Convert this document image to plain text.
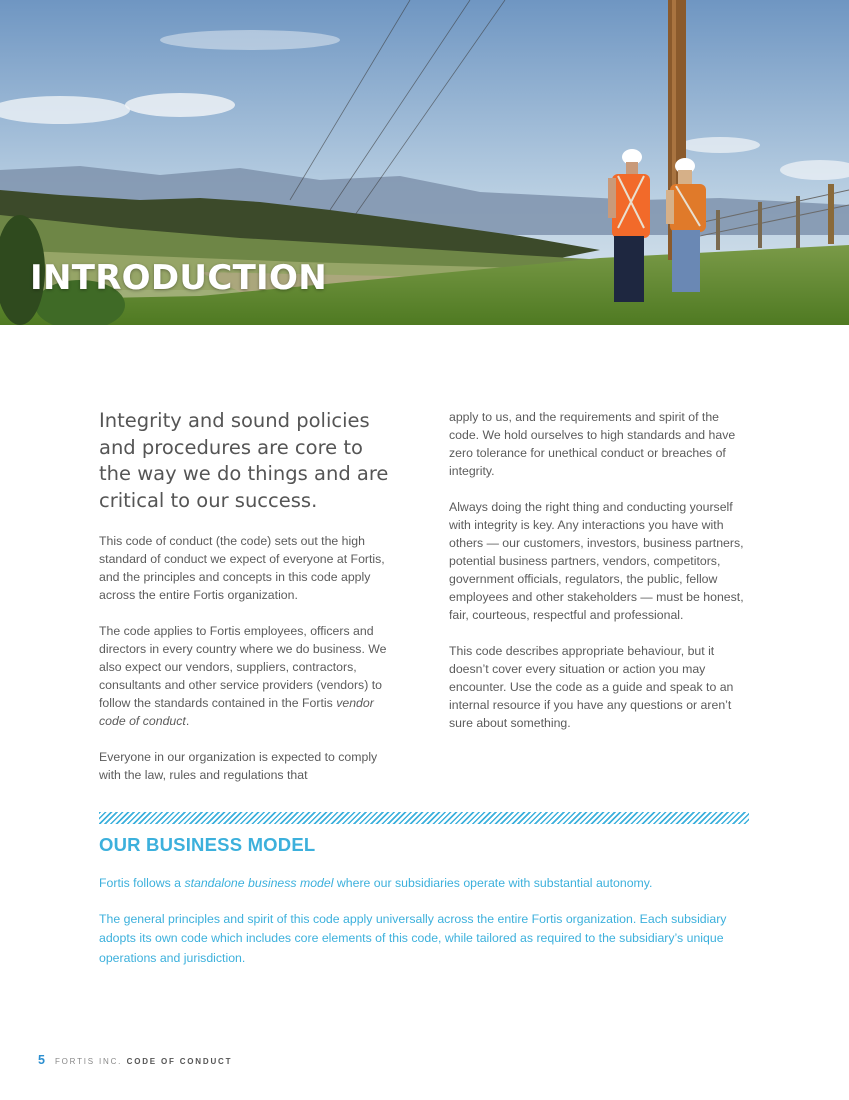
INTRODUCTION

Integrity and sound policies and procedures are core to the way we do things and are critical to our success.

This code of conduct (the code) sets out the high standard of conduct we expect of everyone at Fortis, and the principles and concepts in this code apply across the entire Fortis organization.

The code applies to Fortis employees, officers and directors in every country where we do business. We also expect our vendors, suppliers, contractors, consultants and other service providers (vendors) to follow the standards contained in the Fortis vendor code of conduct.

Everyone in our organization is expected to comply with the law, rules and regulations that

apply to us, and the requirements and spirit of the code. We hold ourselves to high standards and have zero tolerance for unethical conduct or breaches of integrity.

Always doing the right thing and conducting yourself with integrity is key. Any interactions you have with others — our customers, investors, business partners, potential business partners, vendors, competitors, government officials, regulators, the public, fellow employees and other stakeholders — must be honest, fair, courteous, respectful and professional.

This code describes appropriate behaviour, but it doesn’t cover every situation or action you may encounter. Use the code as a guide and speak to an internal resource if you have any questions or aren’t sure about something.

OUR BUSINESS MODEL

Fortis follows a standalone business model where our subsidiaries operate with substantial autonomy.

The general principles and spirit of this code apply universally across the entire Fortis organization. Each subsidiary adopts its own code which includes core elements of this code, while tailored as required to the subsidiary’s unique operations and jurisdiction.

5 FORTIS INC. CODE OF CONDUCT
